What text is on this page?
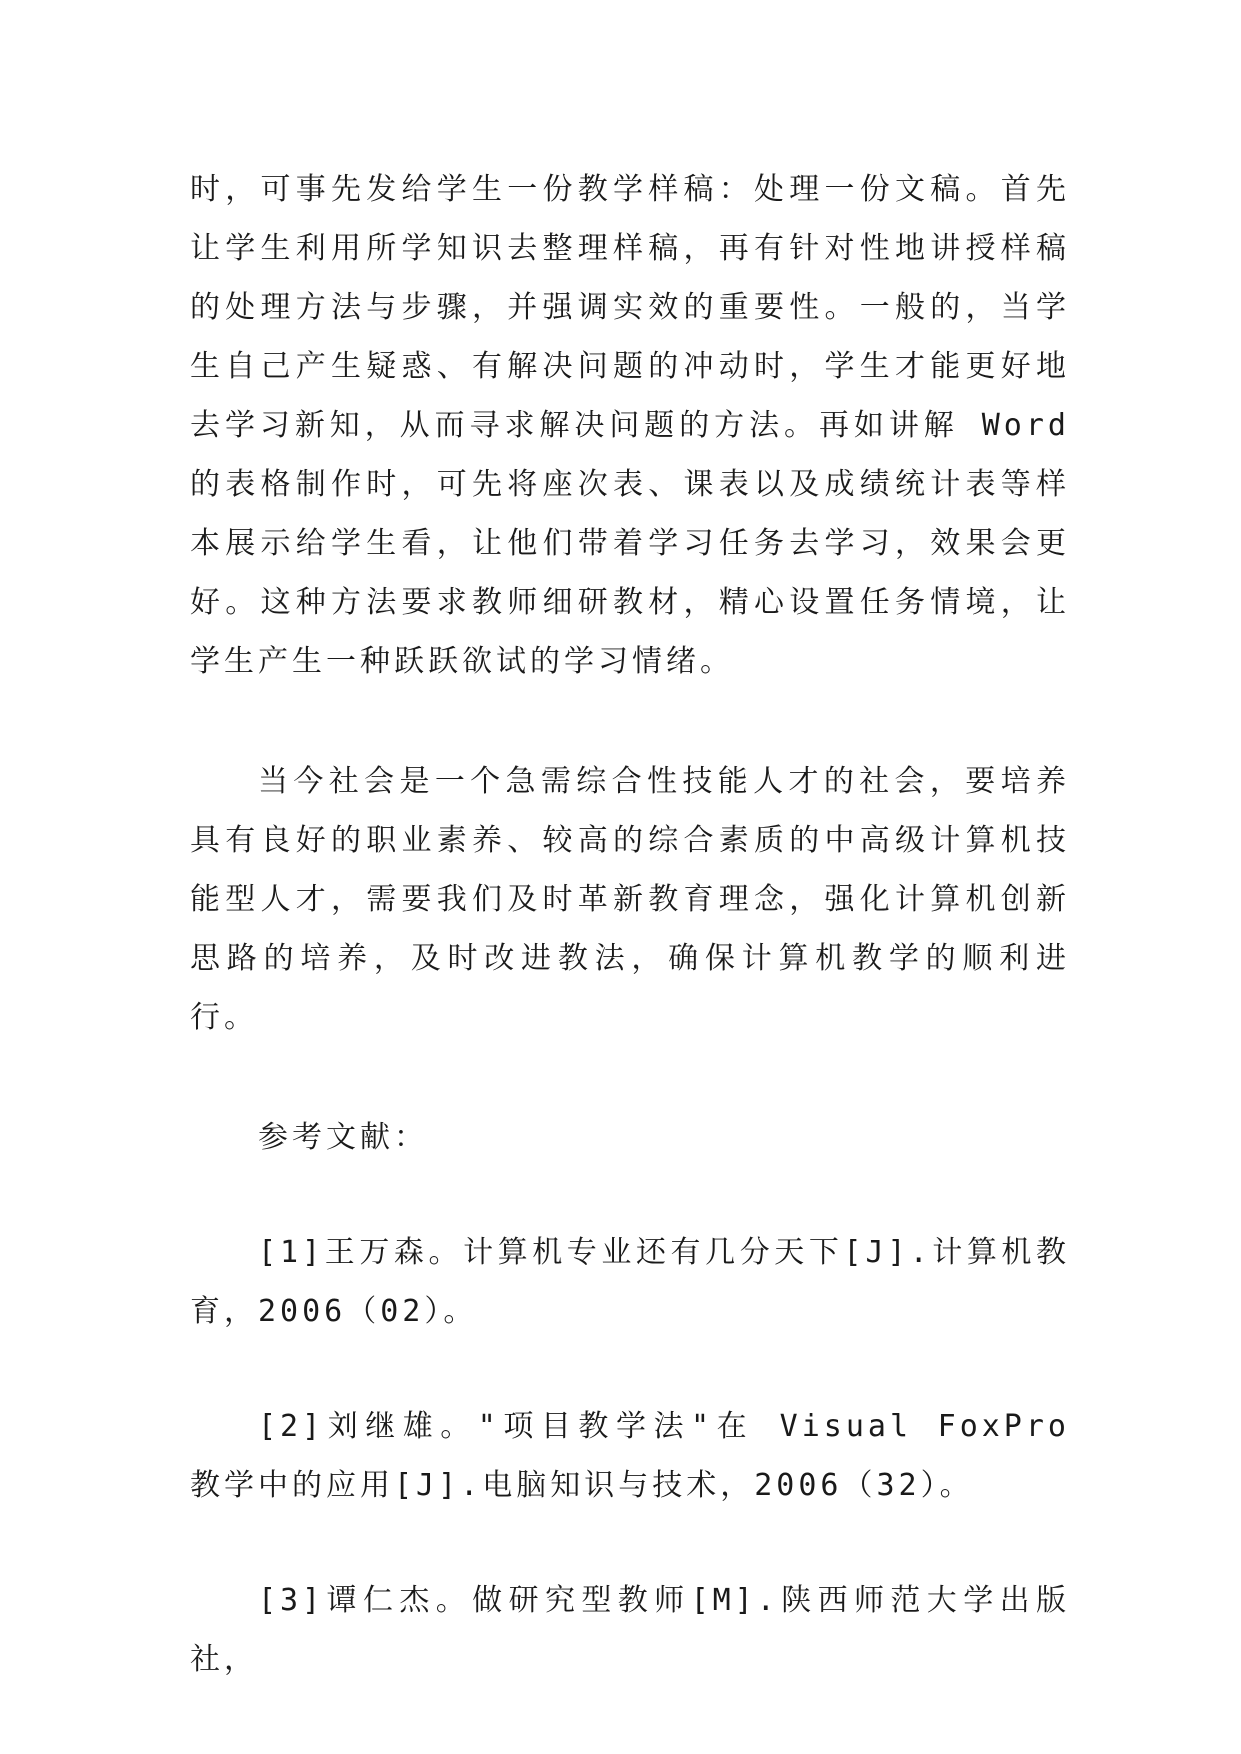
时，可事先发给学生一份教学样稿：处理一份文稿。首先让学生利用所学知识去整理样稿，再有针对性地讲授样稿的处理方法与步骤，并强调实效的重要性。一般的，当学生自己产生疑惑、有解决问题的冲动时，学生才能更好地去学习新知，从而寻求解决问题的方法。再如讲解 Word 的表格制作时，可先将座次表、课表以及成绩统计表等样本展示给学生看，让他们带着学习任务去学习，效果会更好。这种方法要求教师细研教材，精心设置任务情境，让学生产生一种跃跃欲试的学习情绪。

当今社会是一个急需综合性技能人才的社会，要培养具有良好的职业素养、较高的综合素质的中高级计算机技能型人才，需要我们及时革新教育理念，强化计算机创新思路的培养，及时改进教法，确保计算机教学的顺利进行。

参考文献：

[1]王万森。计算机专业还有几分天下[J].计算机教育，2006（02）。

[2]刘继雄。"项目教学法"在 Visual FoxPro 教学中的应用[J].电脑知识与技术，2006（32）。

[3]谭仁杰。做研究型教师[M].陕西师范大学出版社，
